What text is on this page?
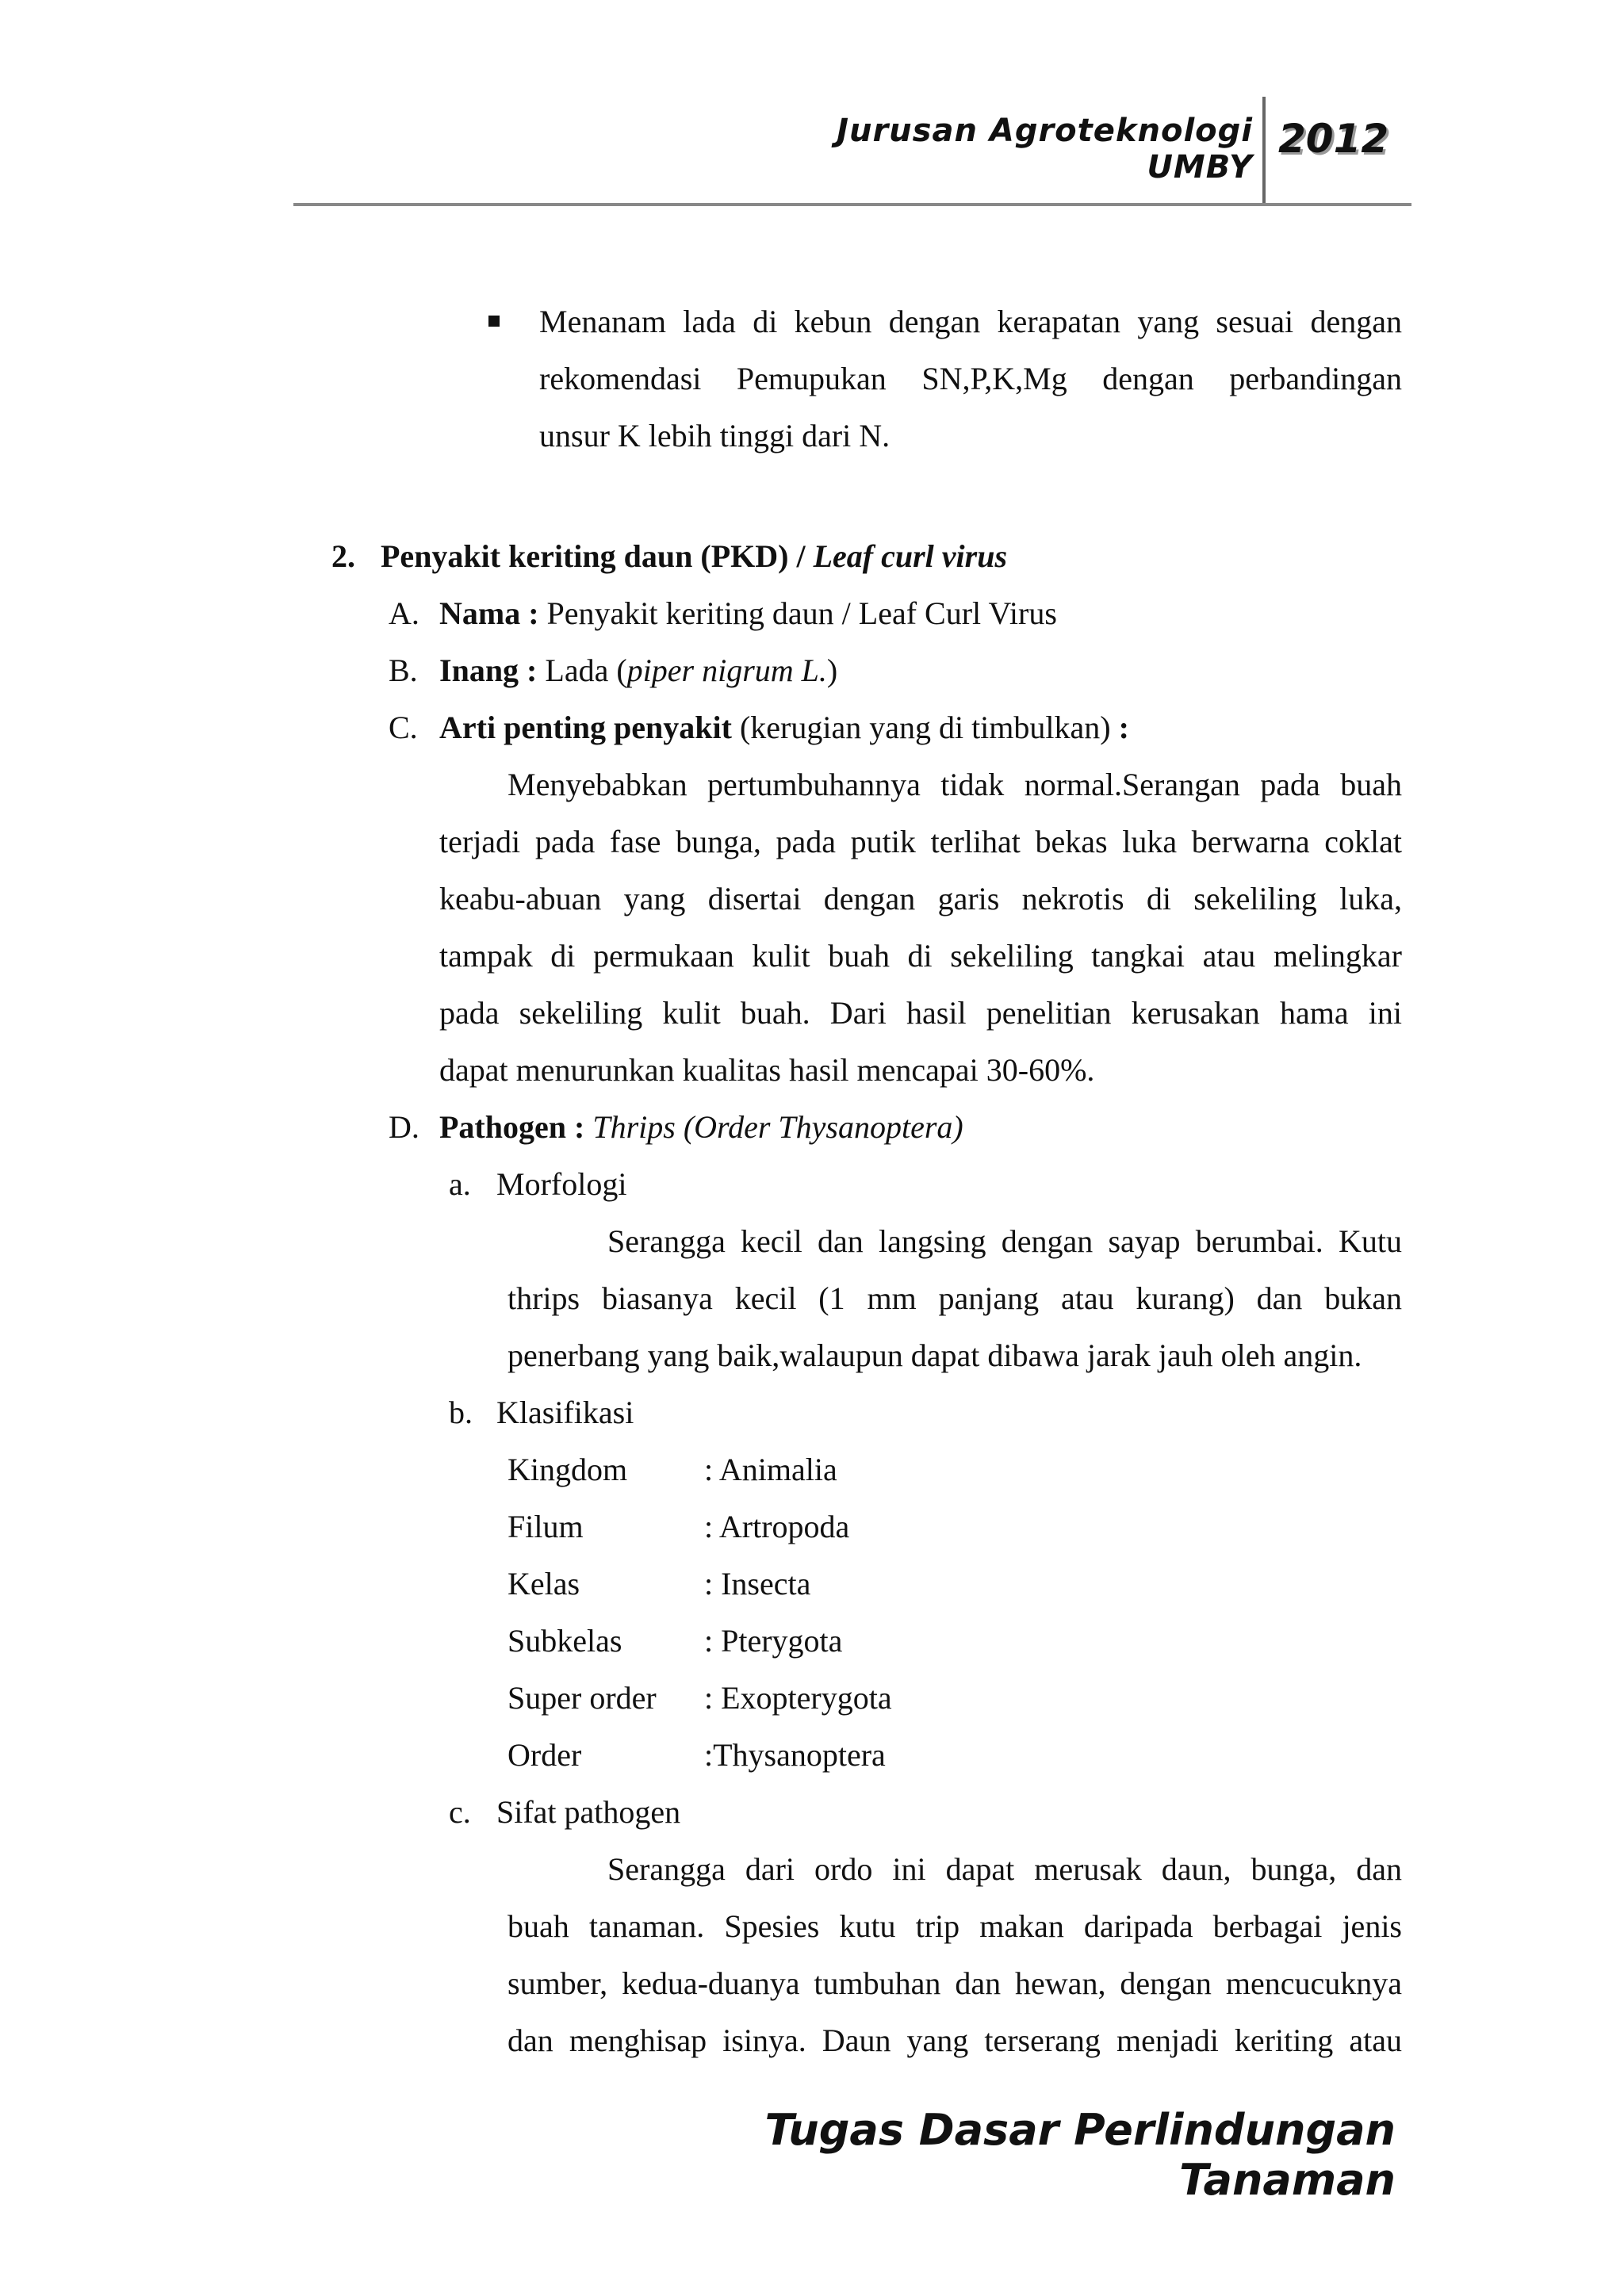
Jurusan Agroteknologi UMBY
2012
Menanam lada di kebun dengan kerapatan yang sesuai dengan
rekomendasi Pemupukan SN,P,K,Mg dengan perbandingan
unsur K lebih tinggi dari N.
2. Penyakit keriting daun (PKD) / Leaf curl virus
A. Nama : Penyakit keriting daun / Leaf Curl Virus
B. Inang : Lada (piper nigrum L.)
C. Arti penting penyakit (kerugian yang di timbulkan) :
Menyebabkan pertumbuhannya tidak normal.Serangan pada buah
terjadi pada fase bunga, pada putik terlihat bekas luka berwarna coklat
keabu-abuan yang disertai dengan garis nekrotis di sekeliling luka,
tampak di permukaan kulit buah di sekeliling tangkai atau melingkar
pada sekeliling kulit buah. Dari hasil penelitian kerusakan hama ini
dapat menurunkan kualitas hasil mencapai 30-60%.
D. Pathogen : Thrips (Order Thysanoptera)
a. Morfologi
Serangga kecil dan langsing dengan sayap berumbai. Kutu
thrips biasanya kecil (1 mm panjang atau kurang) dan bukan
penerbang yang baik,walaupun dapat dibawa jarak jauh oleh angin.
b. Klasifikasi
Kingdom : Animalia
Filum	: Artropoda
Kelas	: Insecta
Subkelas	: Pterygota
Super order : Exopterygota
Order	:Thysanoptera
c. Sifat pathogen
Serangga dari ordo ini dapat merusak daun, bunga, dan
buah tanaman. Spesies kutu trip makan daripada berbagai jenis
sumber, kedua-duanya tumbuhan dan hewan, dengan mencucuknya
dan menghisap isinya. Daun yang terserang menjadi keriting atau
Tugas Dasar Perlindungan Tanaman
